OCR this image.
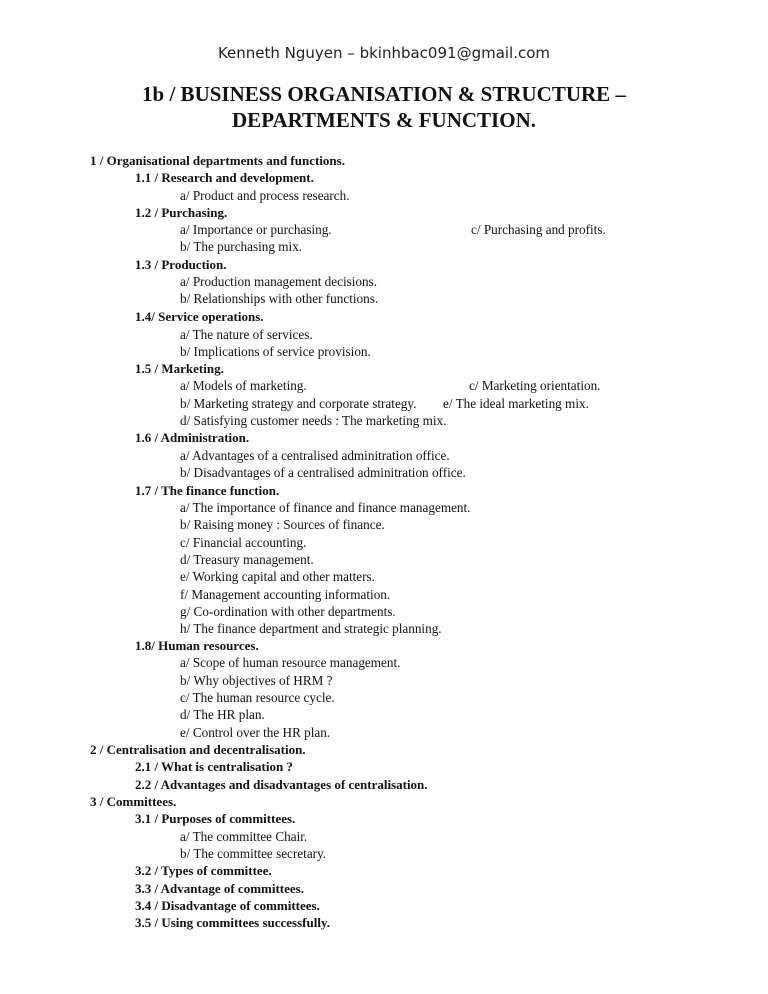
Kenneth Nguyen – bkinhbac091@gmail.com
1b / BUSINESS ORGANISATION & STRUCTURE –
DEPARTMENTS & FUNCTION.
1 / Organisational departments and functions.
1.1 / Research and development.
a/ Product and process research.
1.2 / Purchasing.
a/ Importance or purchasing.	c/ Purchasing and profits.
b/ The purchasing mix.
1.3 / Production.
a/ Production management decisions.
b/ Relationships with other functions.
1.4/ Service operations.
a/ The nature of services.
b/ Implications of service provision.
1.5 / Marketing.
a/ Models of marketing.	c/ Marketing orientation.
b/ Marketing strategy and corporate strategy. e/ The ideal marketing mix.
d/ Satisfying customer needs : The marketing mix.
1.6 / Administration.
a/ Advantages of a centralised adminitration office.
b/ Disadvantages of a centralised adminitration office.
1.7 / The finance function.
a/ The importance of finance and finance management.
b/ Raising money : Sources of finance.
c/ Financial accounting.
d/ Treasury management.
e/ Working capital and other matters.
f/ Management accounting information.
g/ Co-ordination with other departments.
h/ The finance department and strategic planning.
1.8/ Human resources.
a/ Scope of human resource management.
b/ Why objectives of HRM ?
c/ The human resource cycle.
d/ The HR plan.
e/ Control over the HR plan.
2 / Centralisation and decentralisation.
2.1 / What is centralisation ?
2.2 / Advantages and disadvantages of centralisation.
3 / Committees.
3.1 / Purposes of committees.
a/ The committee Chair.
b/ The committee secretary.
3.2 / Types of committee.
3.3 / Advantage of committees.
3.4 / Disadvantage of committees.
3.5 / Using committees successfully.
